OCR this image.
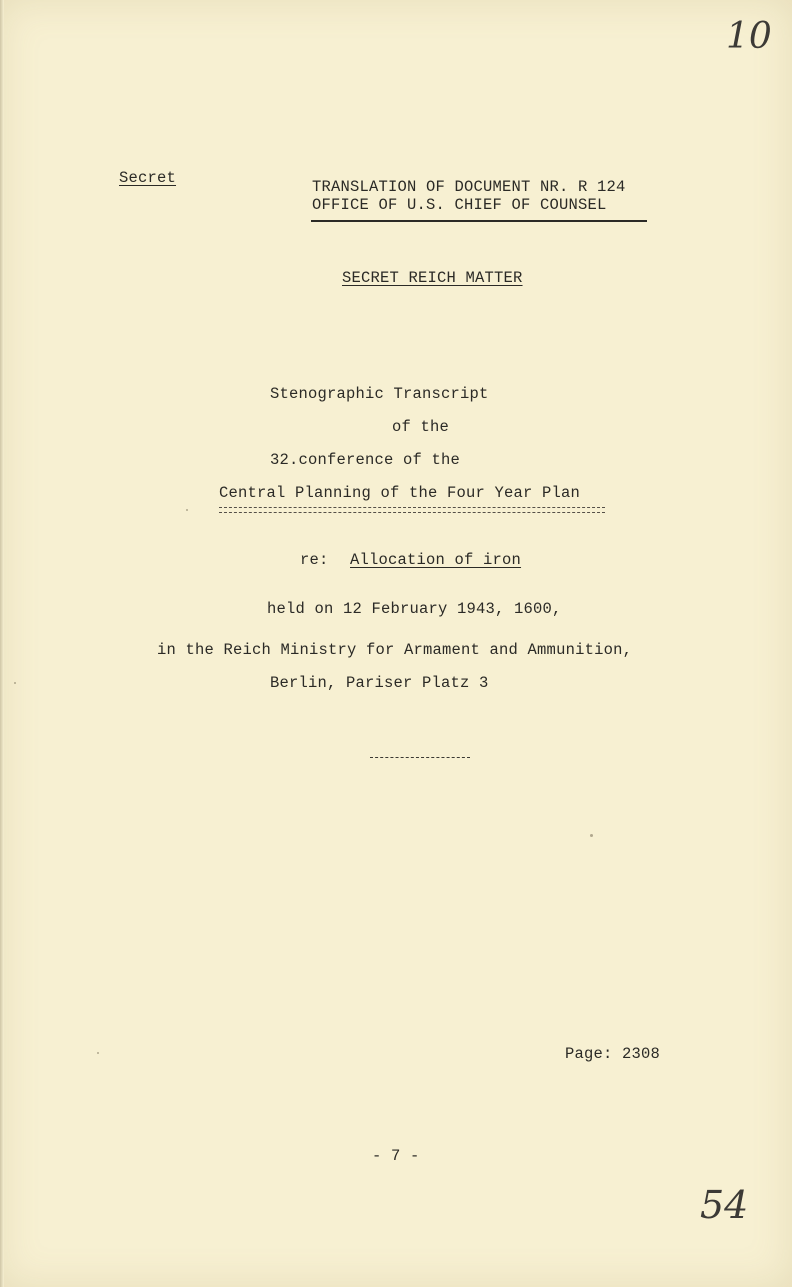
10
Secret	TRANSLATION OF DOCUMENT NR. R 124
OFFICE OF U.S. CHIEF OF COUNSEL
SECRET REICH MATTER
Stenographic Transcript
of the
32.conference of the
Central Planning of the Four Year Plan
re: Allocation of iron
held on 12 February 1943, 1600,
in the Reich Ministry for Armament and Ammunition,
Berlin, Pariser Platz 3
Page: 2308
- 7 -
54
